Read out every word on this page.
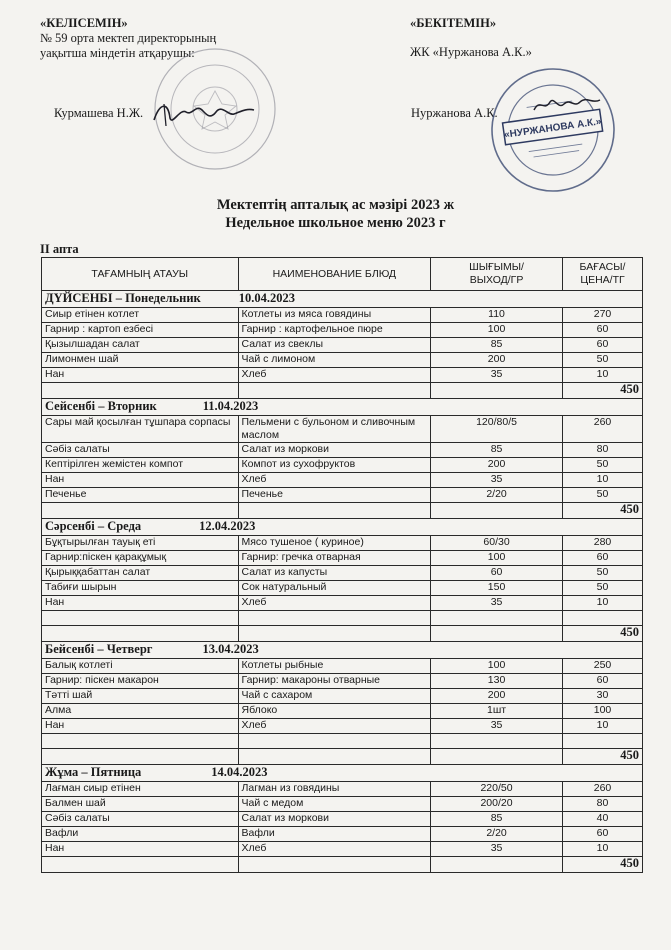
«КЕЛІСЕМІН»
№ 59 орта мектеп директорының
уақытша міндетін атқарушы:
Курмашева Н.Ж.
«БЕКІТЕМІН»
ЖК «Нуржанова А.К.»
Нуржанова А.К.
«НУРЖАНОВА А.К.»
Мектептің апталық ас мәзірі 2023 ж
Недельное школьное меню 2023 г
II апта
ТАҒАМНЫҢ АТАУЫ	НАИМЕНОВАНИЕ БЛЮД	ШЫҒЫМЫ/ ВЫХОД/ГР	БАҒАСЫ/ ЦЕНА/ТГ
ДҮЙСЕНБІ – Понедельник 10.04.2023			
Сиыр етінен котлет	Котлеты из мяса говядины	110	270
Гарнир : картоп езбесі	Гарнир : картофельное пюре	100	60
Қызылшадан салат	Салат из свеклы	85	60
Лимонмен шай	Чай с лимоном	200	50
Нан	Хлеб	35	10
			450
Сейсенбі – Вторник 11.04.2023			
Сары май қосылған тұшпара сорпасы	Пельмени с бульоном и сливочным маслом	120/80/5	260
Сәбіз салаты	Салат из моркови	85	80
Кептірілген жемістен компот	Компот из сухофруктов	200	50
Нан	Хлеб	35	10
Печенье	Печенье	2/20	50
			450
Сәрсенбі – Среда 12.04.2023			
Бұқтырылған тауық еті	Мясо тушеное ( куриное)	60/30	280
Гарнир:піскен қарақұмық	Гарнир: гречка отварная	100	60
Қырыққабаттан салат	Салат из капусты	60	50
Табиғи шырын	Сок натуральный	150	50
Нан	Хлеб	35	10

			450
Бейсенбі – Четверг 13.04.2023			
Балық котлеті	Котлеты рыбные	100	250
Гарнир: піскен макарон	Гарнир: макароны отварные	130	60
Тәтті шай	Чай с сахаром	200	30
Алма	Яблоко	1шт	100
Нан	Хлеб	35	10

			450
Жұма – Пятница 14.04.2023			
Лағман сиыр етінен	Лагман из говядины	220/50	260
Балмен шай	Чай с медом	200/20	80
Сәбіз салаты	Салат из моркови	85	40
Вафли	Вафли	2/20	60
Нан	Хлеб	35	10
			450
